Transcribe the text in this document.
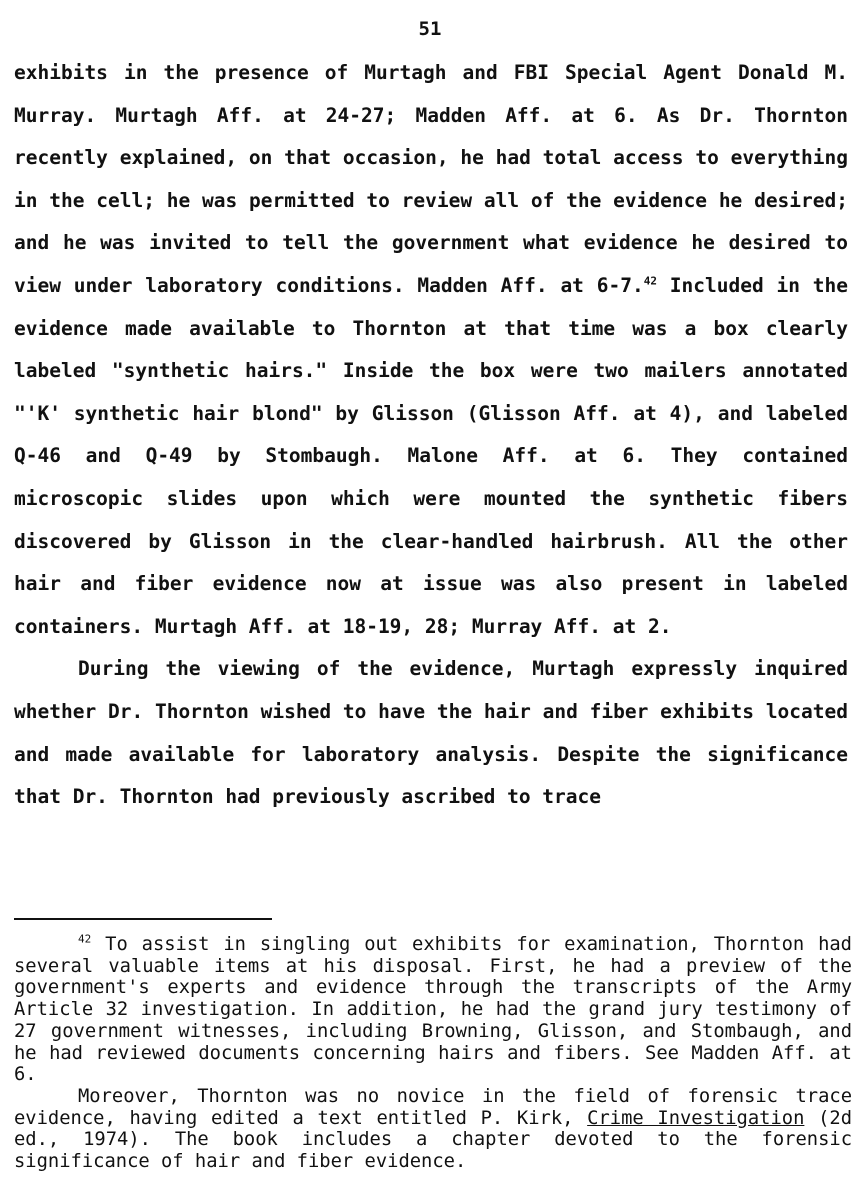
51

exhibits in the presence of Murtagh and FBI Special Agent Donald M. Murray. Murtagh Aff. at 24-27; Madden Aff. at 6. As Dr. Thornton recently explained, on that occasion, he had total access to everything in the cell; he was permitted to review all of the evidence he desired; and he was invited to tell the government what evidence he desired to view under laboratory conditions. Madden Aff. at 6-7.42 Included in the evidence made available to Thornton at that time was a box clearly labeled "synthetic hairs." Inside the box were two mailers annotated "'K' synthetic hair blond" by Glisson (Glisson Aff. at 4), and labeled Q-46 and Q-49 by Stombaugh. Malone Aff. at 6. They contained microscopic slides upon which were mounted the synthetic fibers discovered by Glisson in the clear-handled hairbrush. All the other hair and fiber evidence now at issue was also present in labeled containers. Murtagh Aff. at 18-19, 28; Murray Aff. at 2.

During the viewing of the evidence, Murtagh expressly inquired whether Dr. Thornton wished to have the hair and fiber exhibits located and made available for laboratory analysis. Despite the significance that Dr. Thornton had previously ascribed to trace

$^{42}$ To assist in singling out exhibits for examination, Thornton had several valuable items at his disposal. First, he had a preview of the government's experts and evidence through the transcripts of the Army Article 32 investigation. In addition, he had the grand jury testimony of 27 government witnesses, including Browning, Glisson, and Stombaugh, and he had reviewed documents concerning hairs and fibers. See Madden Aff. at 6.

Moreover, Thornton was no novice in the field of forensic trace evidence, having edited a text entitled P. Kirk, Crime Investigation (2d ed., 1974). The book includes a chapter devoted to the forensic significance of hair and fiber evidence.
